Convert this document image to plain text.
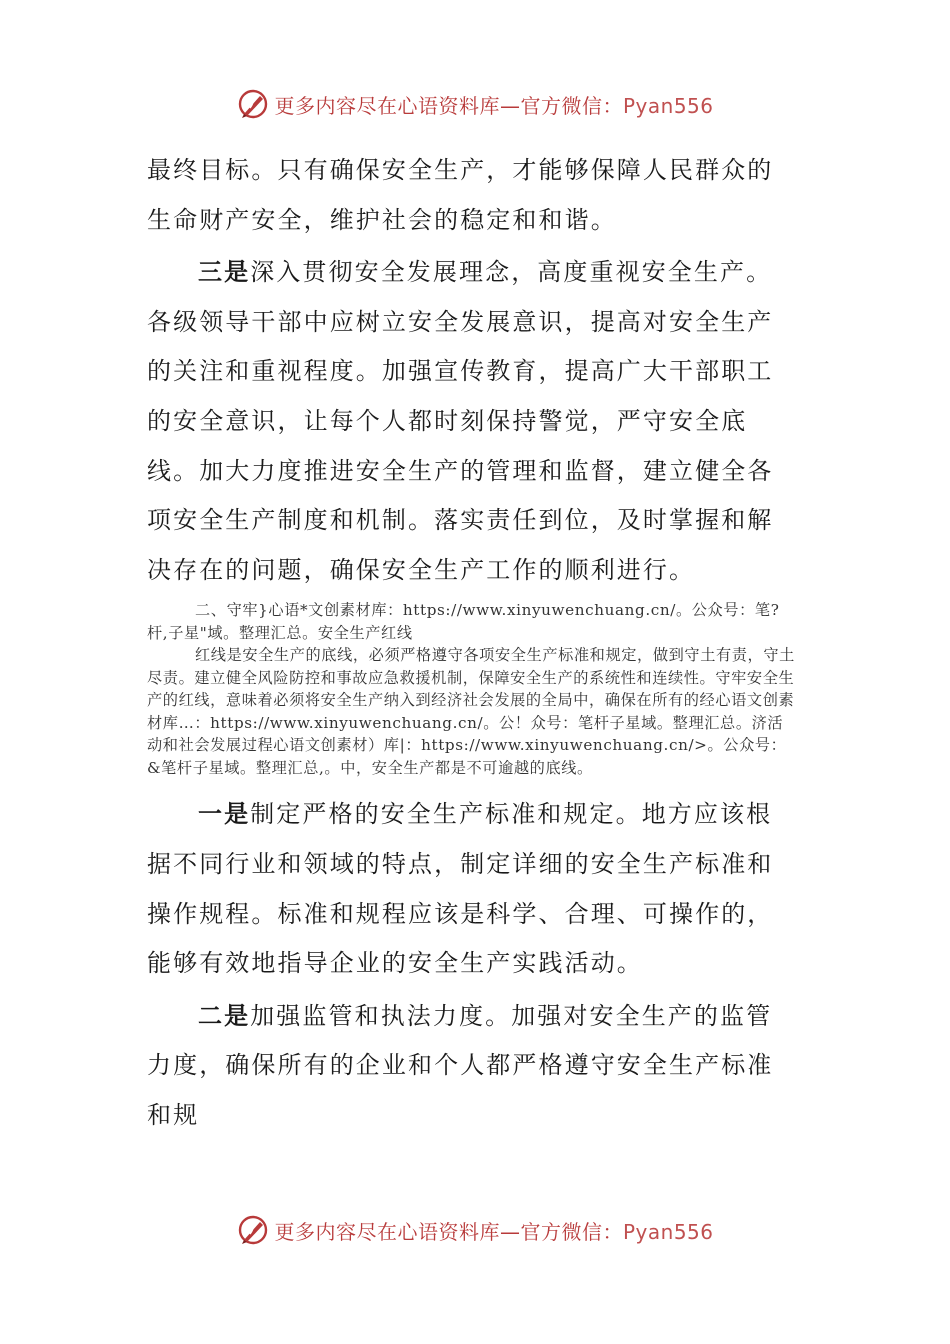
更多内容尽在心语资料库—官方微信：Pyan556

最终目标。只有确保安全生产，才能够保障人民群众的生命财产安全，维护社会的稳定和和谐。

三是深入贯彻安全发展理念，高度重视安全生产。各级领导干部中应树立安全发展意识，提高对安全生产的关注和重视程度。加强宣传教育，提高广大干部职工的安全意识，让每个人都时刻保持警觉，严守安全底线。加大力度推进安全生产的管理和监督，建立健全各项安全生产制度和机制。落实责任到位，及时掌握和解决存在的问题，确保安全生产工作的顺利进行。

二、守牢}心语*文创素材库：https://www.xinyuwenchuang.cn/。公众号：笔?杆,子星"域。整理汇总。安全生产红线

红线是安全生产的底线，必须严格遵守各项安全生产标准和规定，做到守土有责，守土尽责。建立健全风险防控和事故应急救援机制，保障安全生产的系统性和连续性。守牢安全生产的红线，意味着必须将安全生产纳入到经济社会发展的全局中，确保在所有的经心语文创素材库…：https://www.xinyuwenchuang.cn/。公！众号：笔杆子星域。整理汇总。济活动和社会发展过程心语文创素材）库|：https://www.xinyuwenchuang.cn/>。公众号：&笔杆子星域。整理汇总,。中，安全生产都是不可逾越的底线。

一是制定严格的安全生产标准和规定。地方应该根据不同行业和领域的特点，制定详细的安全生产标准和操作规程。标准和规程应该是科学、合理、可操作的，能够有效地指导企业的安全生产实践活动。

二是加强监管和执法力度。加强对安全生产的监管力度，确保所有的企业和个人都严格遵守安全生产标准和规

更多内容尽在心语资料库—官方微信：Pyan556
